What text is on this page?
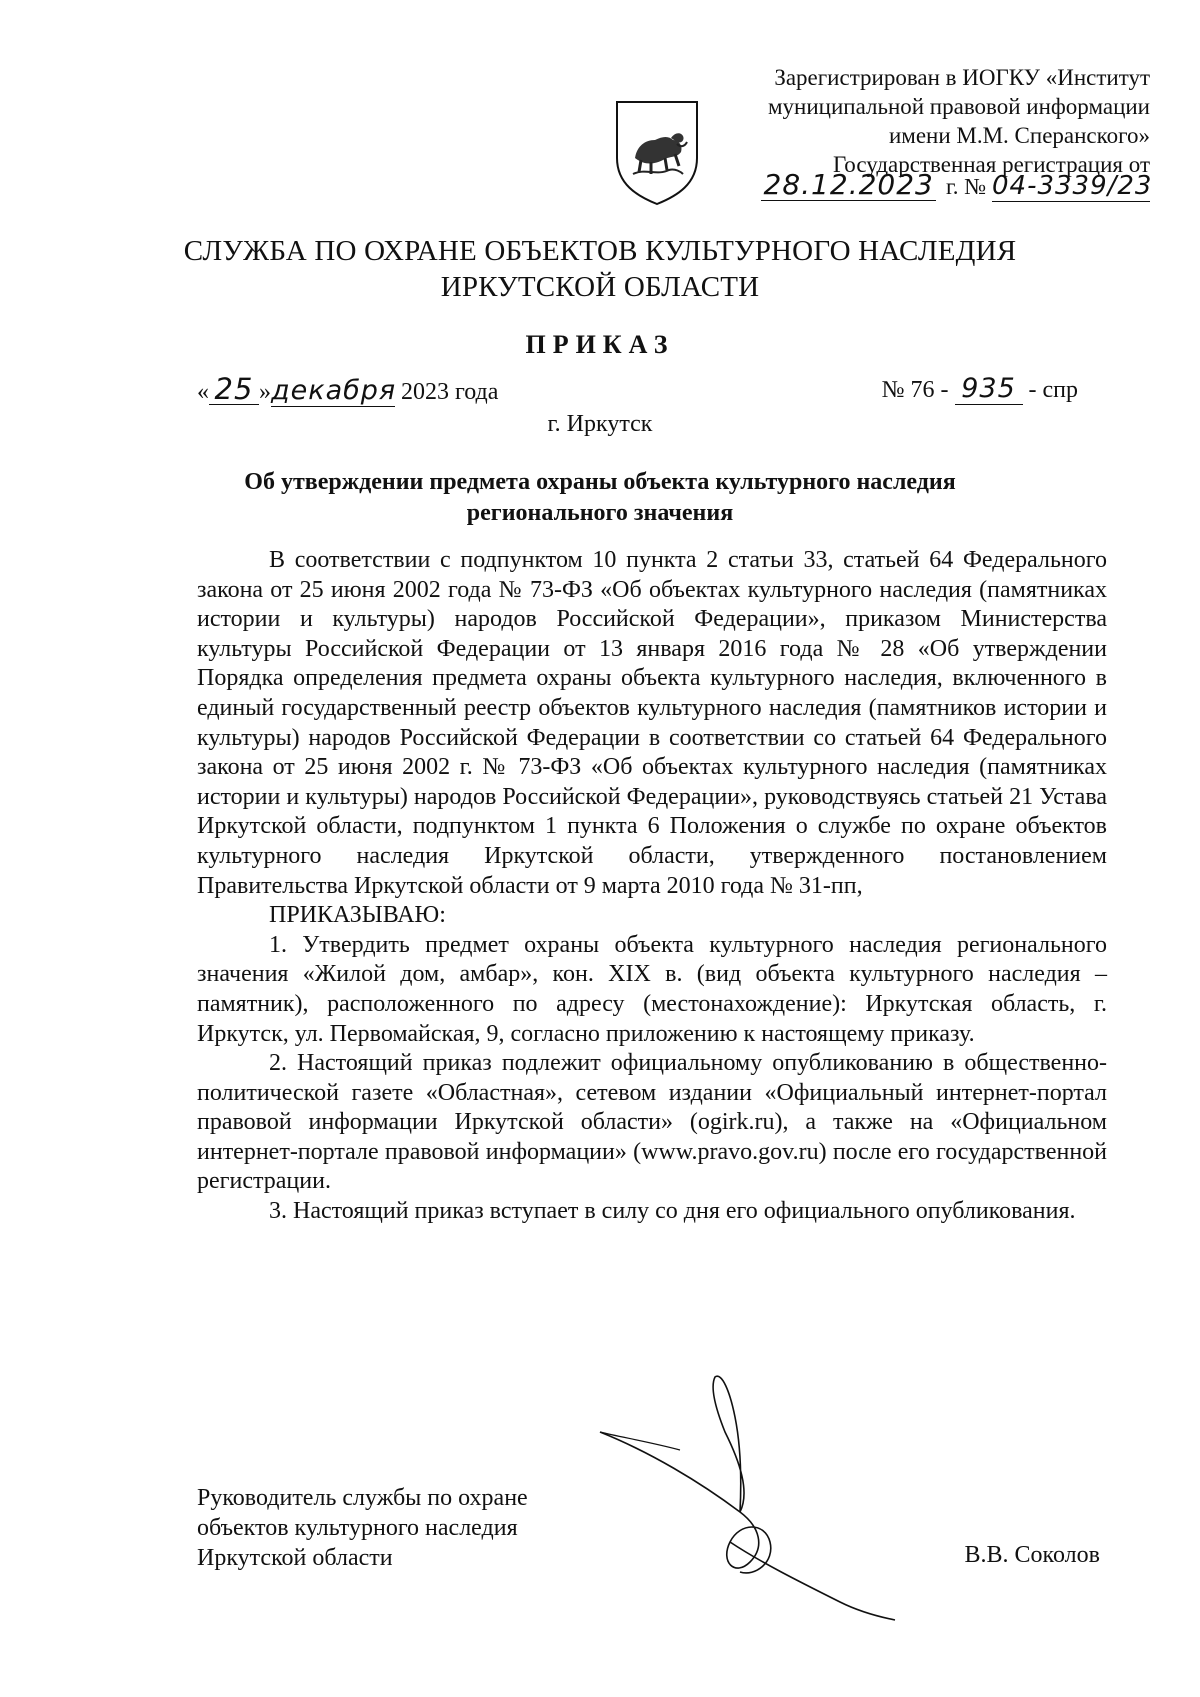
Зарегистрирован в ИОГКУ «Институт
муниципальной правовой информации
имени М.М. Сперанского»
Государственная регистрация от
28.12.2023 г. № 04-3339/23
СЛУЖБА ПО ОХРАНЕ ОБЪЕКТОВ КУЛЬТУРНОГО НАСЛЕДИЯ
ИРКУТСКОЙ ОБЛАСТИ
ПРИКАЗ
« 25 »декабря 2023 года	№ 76 - 935 - спр
г. Иркутск
Об утверждении предмета охраны объекта культурного наследия
регионального значения

В соответствии с подпунктом 10 пункта 2 статьи 33, статьей 64 Федерального закона от 25 июня 2002 года № 73-ФЗ «Об объектах культурного наследия (памятниках истории и культуры) народов Российской Федерации», приказом Министерства культуры Российской Федерации от 13 января 2016 года № 28 «Об утверждении Порядка определения предмета охраны объекта культурного наследия, включенного в единый государственный реестр объектов культурного наследия (памятников истории и культуры) народов Российской Федерации в соответствии со статьей 64 Федерального закона от 25 июня 2002 г. № 73-ФЗ «Об объектах культурного наследия (памятниках истории и культуры) народов Российской Федерации», руководствуясь статьей 21 Устава Иркутской области, подпунктом 1 пункта 6 Положения о службе по охране объектов культурного наследия Иркутской области, утвержденного постановлением Правительства Иркутской области от 9 марта 2010 года № 31-пп,

ПРИКАЗЫВАЮ:

1. Утвердить предмет охраны объекта культурного наследия регионального значения «Жилой дом, амбар», кон. XIX в. (вид объекта культурного наследия – памятник), расположенного по адресу (местонахождение): Иркутская область, г. Иркутск, ул. Первомайская, 9, согласно приложению к настоящему приказу.

2. Настоящий приказ подлежит официальному опубликованию в общественно-политической газете «Областная», сетевом издании «Официальный интернет-портал правовой информации Иркутской области» (ogirk.ru), а также на «Официальном интернет-портале правовой информации» (www.pravo.gov.ru) после его государственной регистрации.

3. Настоящий приказ вступает в силу со дня его официального опубликования.

Руководитель службы по охране
объектов культурного наследия
Иркутской области	В.В. Соколов
